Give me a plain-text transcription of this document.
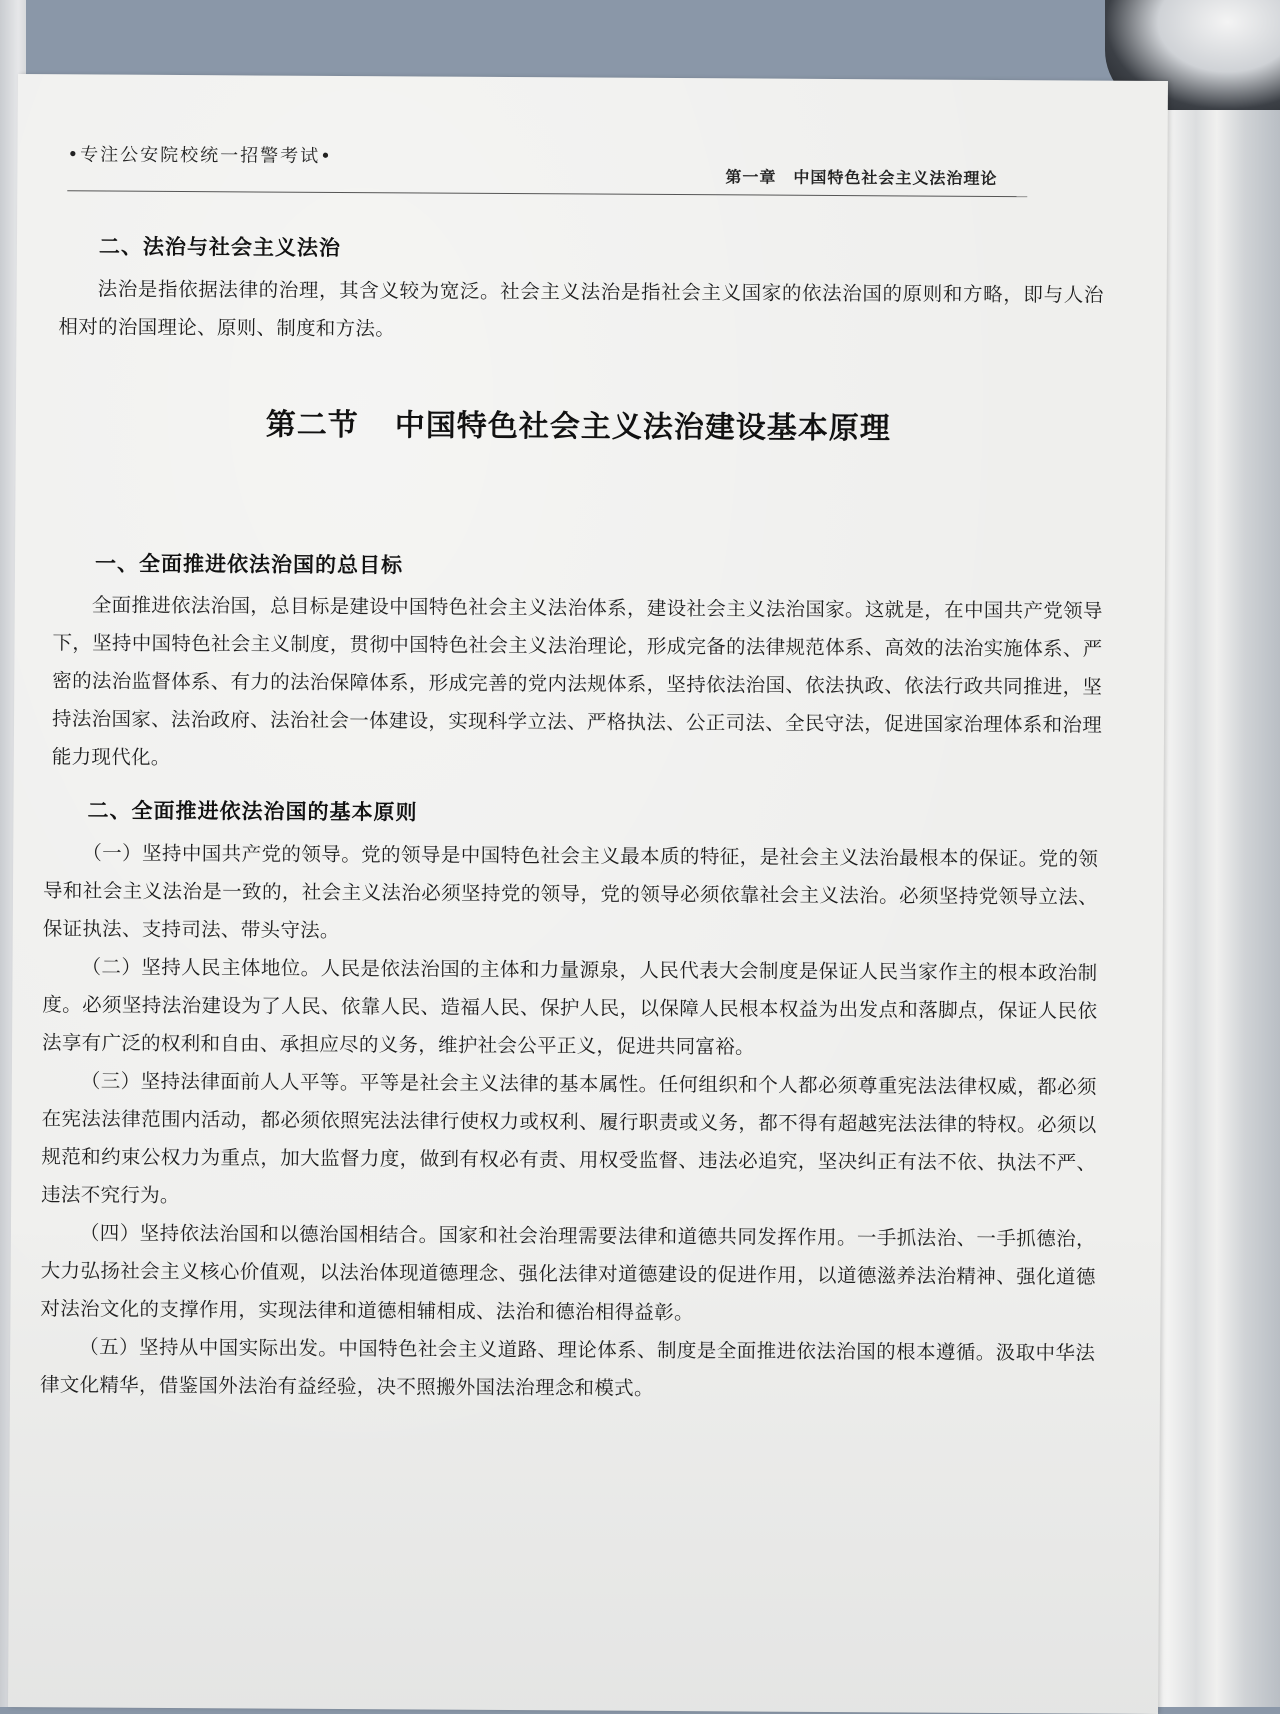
•专注公安院校统一招警考试•
第一章　中国特色社会主义法治理论
二、法治与社会主义法治

法治是指依据法律的治理，其含义较为宽泛。社会主义法治是指社会主义国家的依法治国的原则和方略，即与人治相对的治国理论、原则、制度和方法。

第二节 中国特色社会主义法治建设基本原理
一、全面推进依法治国的总目标

全面推进依法治国，总目标是建设中国特色社会主义法治体系，建设社会主义法治国家。这就是，在中国共产党领导下，坚持中国特色社会主义制度，贯彻中国特色社会主义法治理论，形成完备的法律规范体系、高效的法治实施体系、严密的法治监督体系、有力的法治保障体系，形成完善的党内法规体系，坚持依法治国、依法执政、依法行政共同推进，坚持法治国家、法治政府、法治社会一体建设，实现科学立法、严格执法、公正司法、全民守法，促进国家治理体系和治理能力现代化。

二、全面推进依法治国的基本原则

（一）坚持中国共产党的领导。党的领导是中国特色社会主义最本质的特征，是社会主义法治最根本的保证。党的领导和社会主义法治是一致的，社会主义法治必须坚持党的领导，党的领导必须依靠社会主义法治。必须坚持党领导立法、保证执法、支持司法、带头守法。

（二）坚持人民主体地位。人民是依法治国的主体和力量源泉，人民代表大会制度是保证人民当家作主的根本政治制度。必须坚持法治建设为了人民、依靠人民、造福人民、保护人民，以保障人民根本权益为出发点和落脚点，保证人民依法享有广泛的权利和自由、承担应尽的义务，维护社会公平正义，促进共同富裕。

（三）坚持法律面前人人平等。平等是社会主义法律的基本属性。任何组织和个人都必须尊重宪法法律权威，都必须在宪法法律范围内活动，都必须依照宪法法律行使权力或权利、履行职责或义务，都不得有超越宪法法律的特权。必须以规范和约束公权力为重点，加大监督力度，做到有权必有责、用权受监督、违法必追究，坚决纠正有法不依、执法不严、违法不究行为。

（四）坚持依法治国和以德治国相结合。国家和社会治理需要法律和道德共同发挥作用。一手抓法治、一手抓德治，大力弘扬社会主义核心价值观，以法治体现道德理念、强化法律对道德建设的促进作用，以道德滋养法治精神、强化道德对法治文化的支撑作用，实现法律和道德相辅相成、法治和德治相得益彰。

（五）坚持从中国实际出发。中国特色社会主义道路、理论体系、制度是全面推进依法治国的根本遵循。汲取中华法律文化精华，借鉴国外法治有益经验，决不照搬外国法治理念和模式。
